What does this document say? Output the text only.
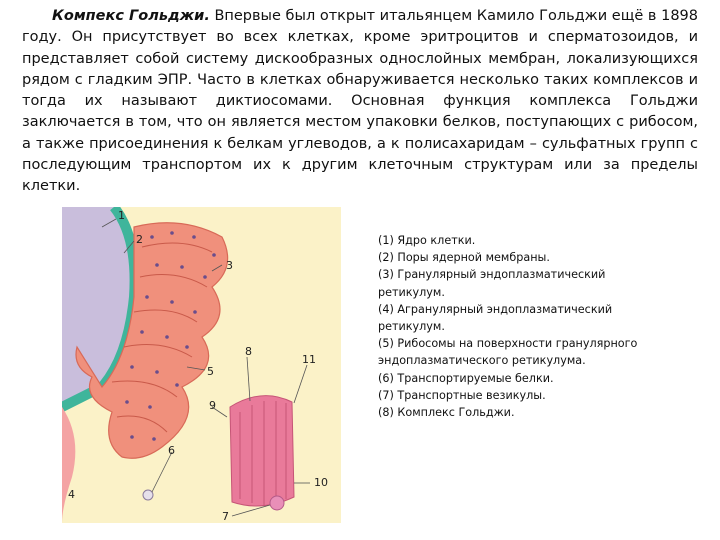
Компекс Гольджи. Впервые был открыт итальянцем Камило Гольджи ещё в 1898 году. Он присутствует во всех клетках, кроме эритроцитов и сперматозоидов, и представляет собой систему дискообразных однослойных мембран, локализующихся рядом с гладким ЭПР. Часто в клетках обнаруживается несколько таких комплексов и тогда их называют диктиосомами. Основная функция комплекса Гольджи заключается в том, что он является местом упаковки белков, поступающих с рибосом, а также присоединения к белкам углеводов, а к полисахаридам – сульфатных групп с последующим транспортом их к другим клеточным структурам или за пределы клетки.

1
2
3
8
11
5
9
6
4
10
7
(1) Ядро клетки.
(2) Поры ядерной мембраны.
(3) Гранулярный эндоплазматический
ретикулум.
(4) Агранулярный эндоплазматический
ретикулум.
(5) Рибосомы на поверхности гранулярного
эндоплазматического ретикулума.
(6) Транспортируемые белки.
(7) Транспортные везикулы.
(8) Комплекс Гольджи.
